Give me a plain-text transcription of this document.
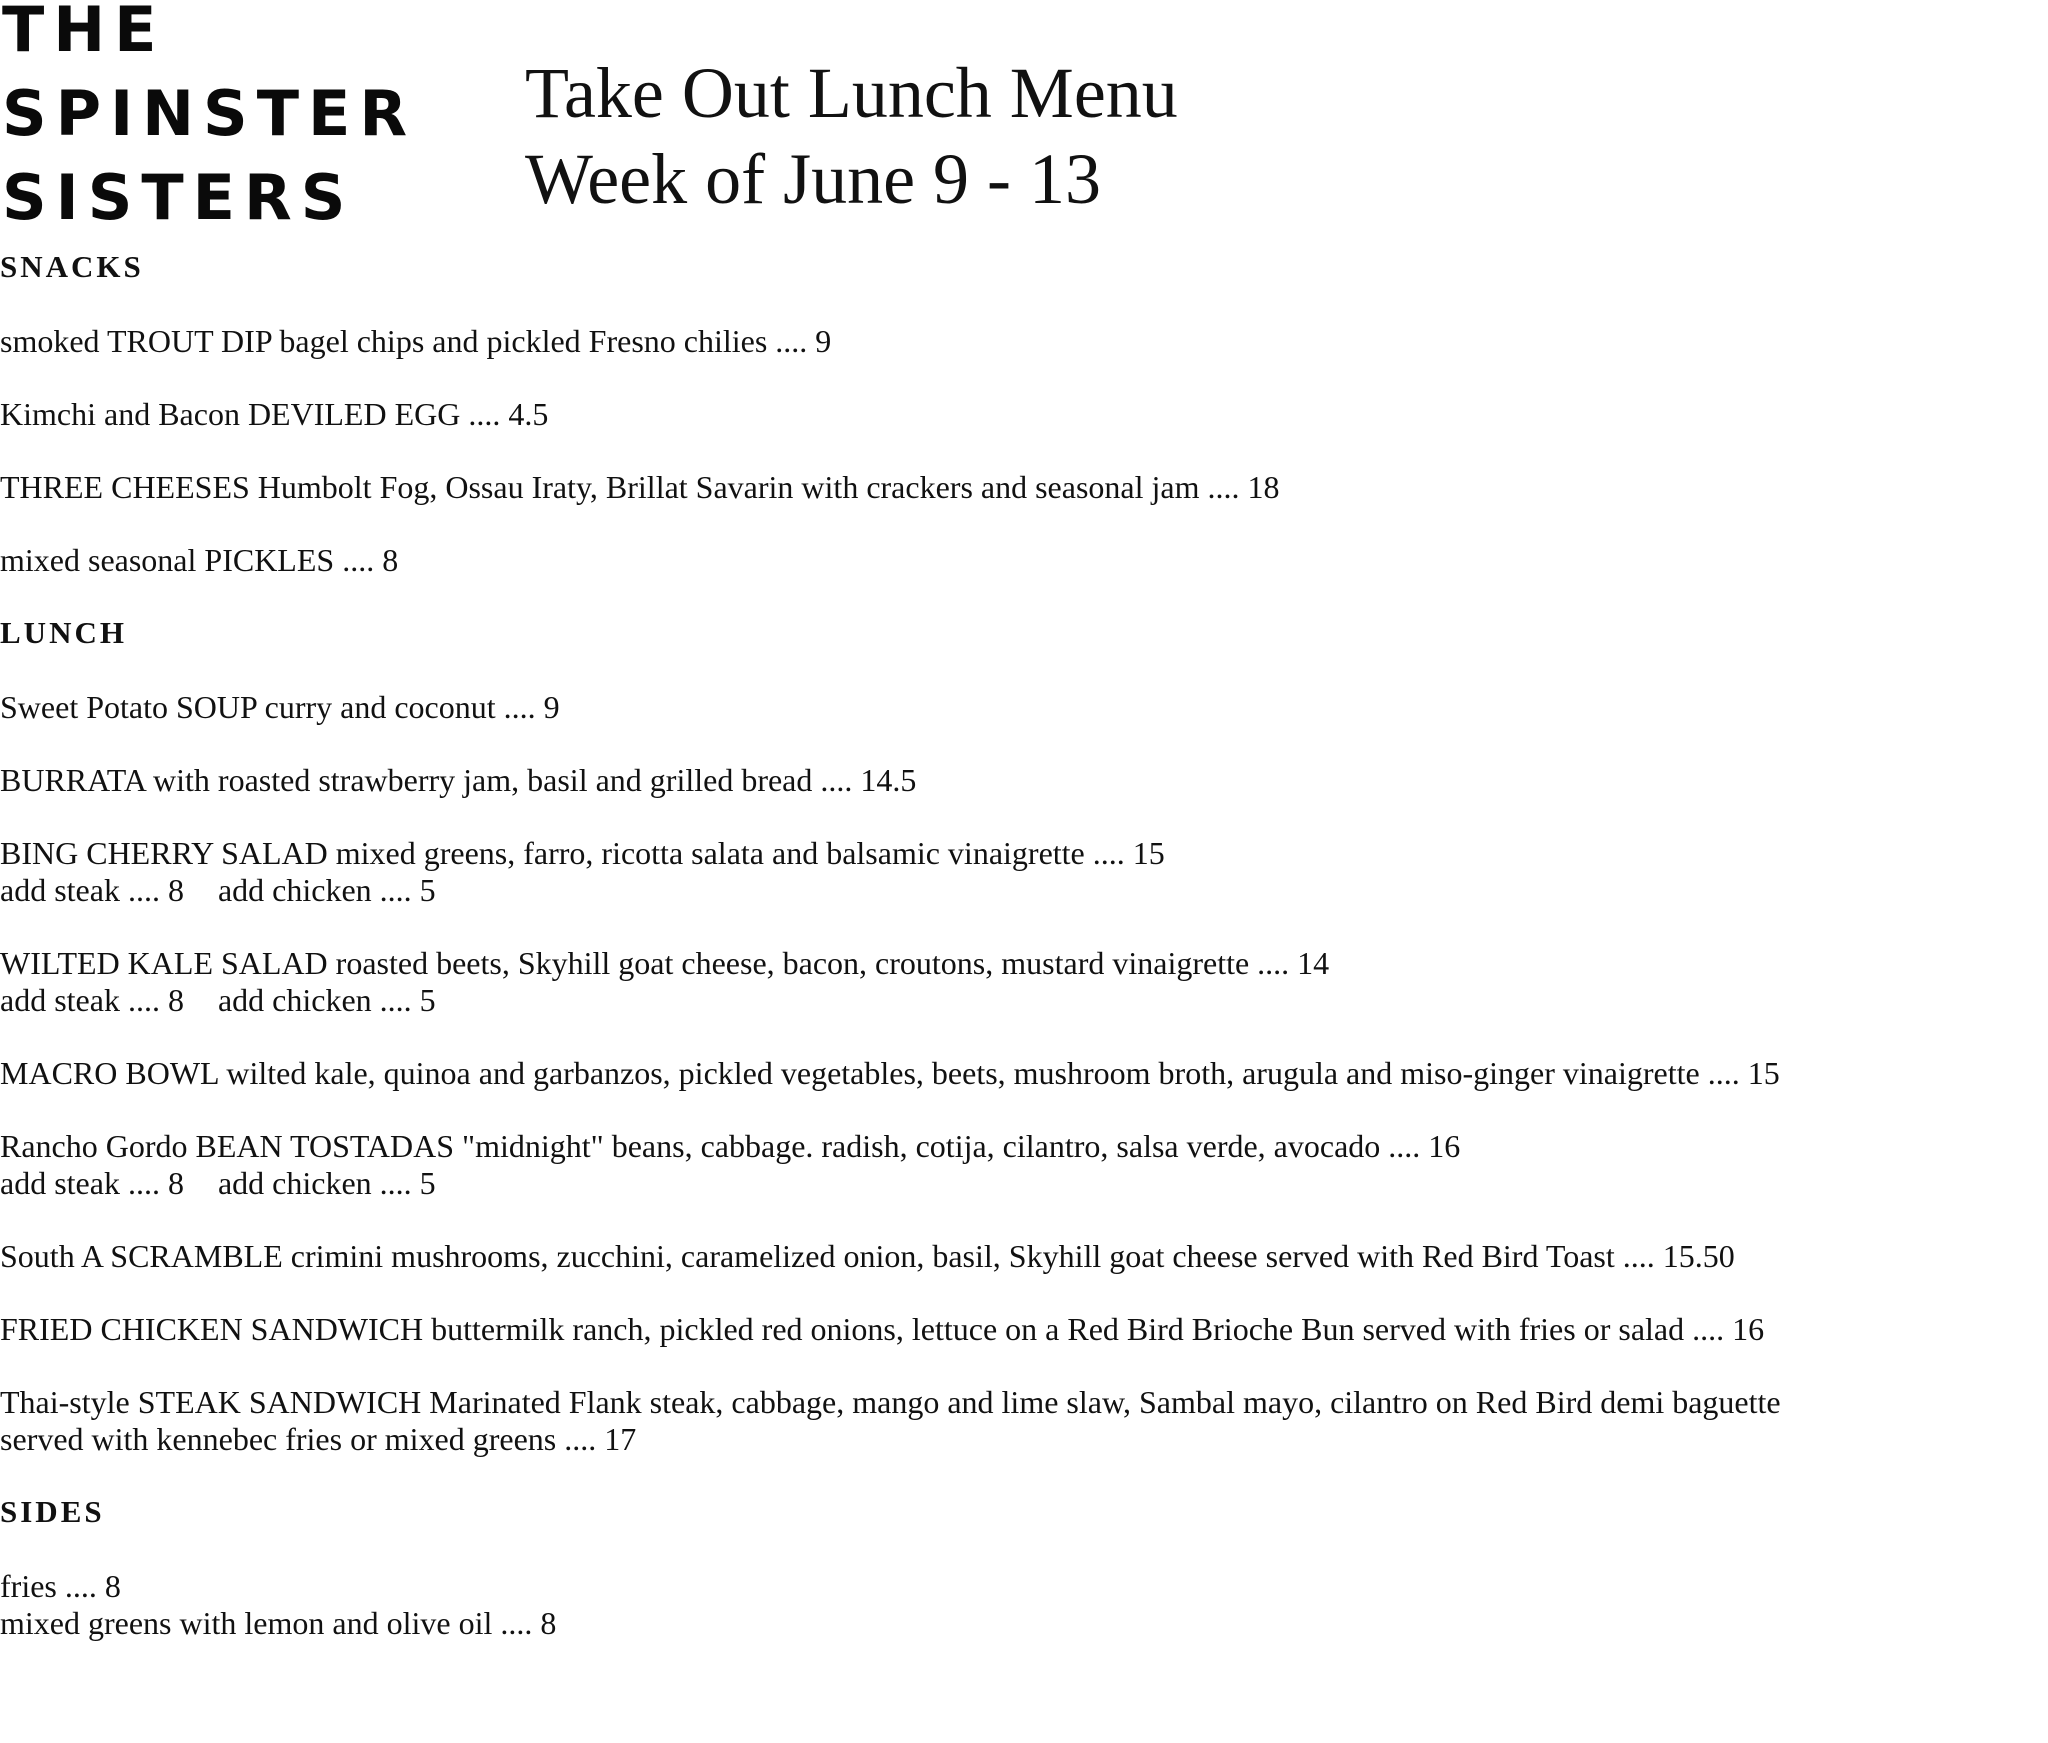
THE
SPINSTER
SISTERS
Take Out Lunch Menu
Week of June 9 - 13
SNACKS
smoked TROUT DIP bagel chips and pickled Fresno chilies .... 9
Kimchi and Bacon DEVILED EGG .... 4.5
THREE CHEESES Humbolt Fog, Ossau Iraty, Brillat Savarin with crackers and seasonal jam .... 18
mixed seasonal PICKLES .... 8
LUNCH
Sweet Potato SOUP curry and coconut .... 9
BURRATA with roasted strawberry jam, basil and grilled bread .... 14.5
BING CHERRY SALAD mixed greens, farro, ricotta salata and balsamic vinaigrette .... 15
add steak .... 8 add chicken .... 5
WILTED KALE SALAD roasted beets, Skyhill goat cheese, bacon, croutons, mustard vinaigrette .... 14
add steak .... 8 add chicken .... 5
MACRO BOWL wilted kale, quinoa and garbanzos, pickled vegetables, beets, mushroom broth, arugula and miso-ginger vinaigrette .... 15
Rancho Gordo BEAN TOSTADAS "midnight" beans, cabbage. radish, cotija, cilantro, salsa verde, avocado .... 16
add steak .... 8 add chicken .... 5
South A SCRAMBLE crimini mushrooms, zucchini, caramelized onion, basil, Skyhill goat cheese served with Red Bird Toast .... 15.50
FRIED CHICKEN SANDWICH buttermilk ranch, pickled red onions, lettuce on a Red Bird Brioche Bun served with fries or salad .... 16
Thai-style STEAK SANDWICH Marinated Flank steak, cabbage, mango and lime slaw, Sambal mayo, cilantro on Red Bird demi baguette
served with kennebec fries or mixed greens .... 17
SIDES
fries .... 8
mixed greens with lemon and olive oil .... 8
